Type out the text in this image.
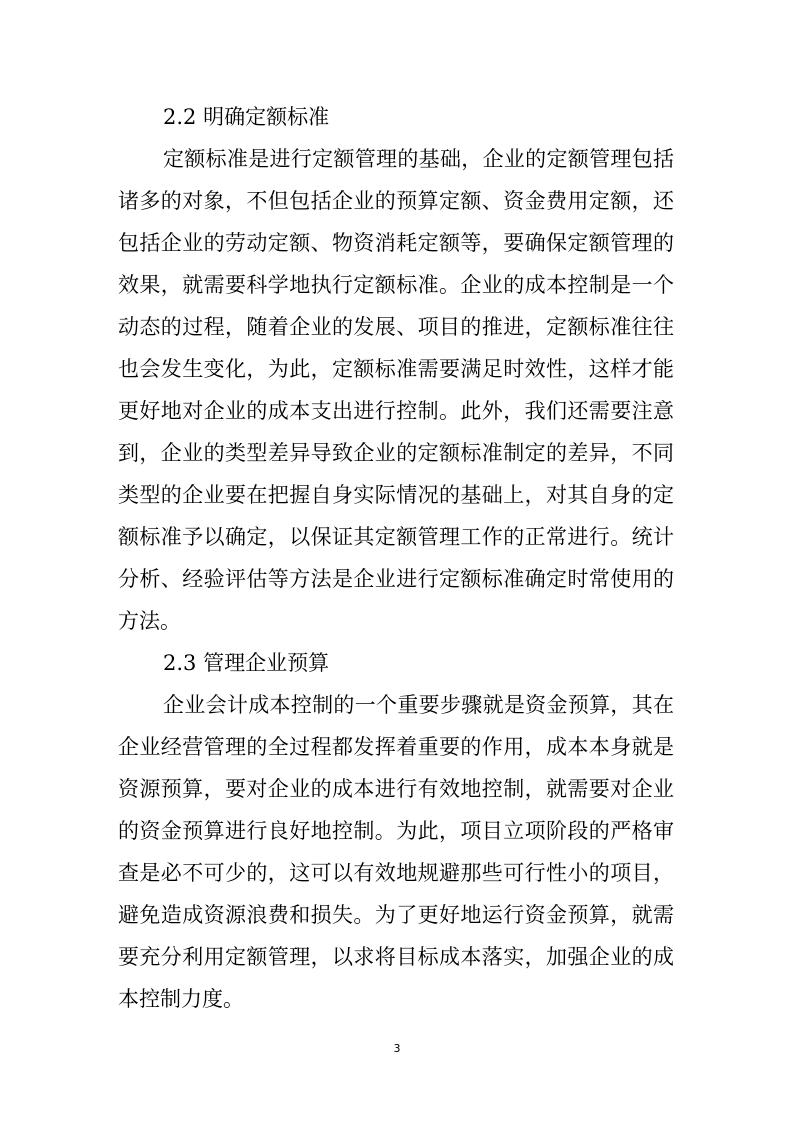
2.2 明确定额标准
定额标准是进行定额管理的基础，企业的定额管理包括
诸多的对象，不但包括企业的预算定额、资金费用定额，还
包括企业的劳动定额、物资消耗定额等，要确保定额管理的
效果，就需要科学地执行定额标准。企业的成本控制是一个
动态的过程，随着企业的发展、项目的推进，定额标准往往
也会发生变化，为此，定额标准需要满足时效性，这样才能
更好地对企业的成本支出进行控制。此外，我们还需要注意
到，企业的类型差异导致企业的定额标准制定的差异，不同
类型的企业要在把握自身实际情况的基础上，对其自身的定
额标准予以确定，以保证其定额管理工作的正常进行。统计
分析、经验评估等方法是企业进行定额标准确定时常使用的
方法。
2.3 管理企业预算
企业会计成本控制的一个重要步骤就是资金预算，其在
企业经营管理的全过程都发挥着重要的作用，成本本身就是
资源预算，要对企业的成本进行有效地控制，就需要对企业
的资金预算进行良好地控制。为此，项目立项阶段的严格审
查是必不可少的，这可以有效地规避那些可行性小的项目，
避免造成资源浪费和损失。为了更好地运行资金预算，就需
要充分利用定额管理，以求将目标成本落实，加强企业的成
本控制力度。
3
